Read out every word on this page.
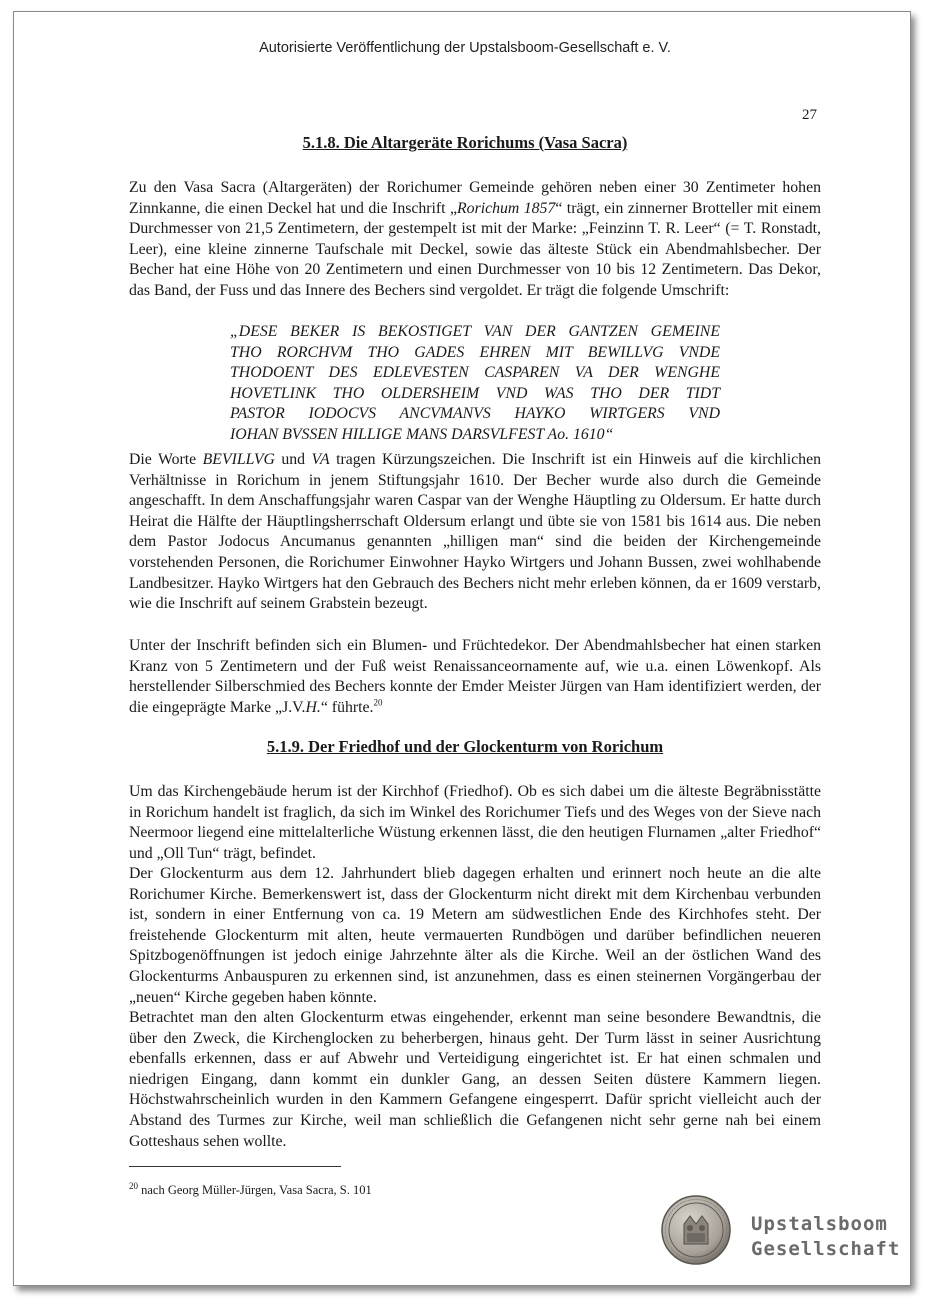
Autorisierte Veröffentlichung der Upstalsboom-Gesellschaft e. V.
27
5.1.8. Die Altargeräte Rorichums (Vasa Sacra)
Zu den Vasa Sacra (Altargeräten) der Rorichumer Gemeinde gehören neben einer 30 Zentimeter hohen Zinnkanne, die einen Deckel hat und die Inschrift „Rorichum 1857“ trägt, ein zinnerner Brotteller mit einem Durchmesser von 21,5 Zentimetern, der gestempelt ist mit der Marke: „Feinzinn T. R. Leer“ (= T. Ronstadt, Leer), eine kleine zinnerne Taufschale mit Deckel, sowie das älteste Stück ein Abendmahlsbecher. Der Becher hat eine Höhe von 20 Zentimetern und einen Durchmesser von 10 bis 12 Zentimetern. Das Dekor, das Band, der Fuss und das Innere des Bechers sind vergoldet. Er trägt die folgende Umschrift:
„DESE BEKER IS BEKOSTIGET VAN DER GANTZEN GEMEINE
THO RORCHVM THO GADES EHREN MIT BEWILLVG VNDE
THODOENT DES EDLEVESTEN CASPAREN VA DER WENGHE
HOVETLINK THO OLDERSHEIM VND WAS THO DER TIDT
PASTOR IODOCVS ANCVMANVS HAYKO WIRTGERS VND
IOHAN BVSSEN HILLIGE MANS DARSVLFEST Ao. 1610“
Die Worte BEVILLVG und VA tragen Kürzungszeichen. Die Inschrift ist ein Hinweis auf die kirchlichen Verhältnisse in Rorichum in jenem Stiftungsjahr 1610. Der Becher wurde also durch die Gemeinde angeschafft. In dem Anschaffungsjahr waren Caspar van der Wenghe Häuptling zu Oldersum. Er hatte durch Heirat die Hälfte der Häuptlingsherrschaft Oldersum erlangt und übte sie von 1581 bis 1614 aus. Die neben dem Pastor Jodocus Ancumanus genannten „hilligen man“ sind die beiden der Kirchengemeinde vorstehenden Personen, die Rorichumer Einwohner Hayko Wirtgers und Johann Bussen, zwei wohlhabende Landbesitzer. Hayko Wirtgers hat den Gebrauch des Bechers nicht mehr erleben können, da er 1609 verstarb, wie die Inschrift auf seinem Grabstein bezeugt.
Unter der Inschrift befinden sich ein Blumen- und Früchtedekor. Der Abendmahlsbecher hat einen starken Kranz von 5 Zentimetern und der Fuß weist Renaissanceornamente auf, wie u.a. einen Löwenkopf. Als herstellender Silberschmied des Bechers konnte der Emder Meister Jürgen van Ham identifiziert werden, der die eingeprägte Marke „J.V.H.“ führte.$^{20}$
5.1.9. Der Friedhof und der Glockenturm von Rorichum
Um das Kirchengebäude herum ist der Kirchhof (Friedhof). Ob es sich dabei um die älteste Begräbnisstätte in Rorichum handelt ist fraglich, da sich im Winkel des Rorichumer Tiefs und des Weges von der Sieve nach Neermoor liegend eine mittelalterliche Wüstung erkennen lässt, die den heutigen Flurnamen „alter Friedhof“ und „Oll Tun“ trägt, befindet.
Der Glockenturm aus dem 12. Jahrhundert blieb dagegen erhalten und erinnert noch heute an die alte Rorichumer Kirche. Bemerkenswert ist, dass der Glockenturm nicht direkt mit dem Kirchenbau verbunden ist, sondern in einer Entfernung von ca. 19 Metern am südwestlichen Ende des Kirchhofes steht. Der freistehende Glockenturm mit alten, heute vermauerten Rundbögen und darüber befindlichen neueren Spitzbogenöffnungen ist jedoch einige Jahrzehnte älter als die Kirche. Weil an der östlichen Wand des Glockenturms Anbauspuren zu erkennen sind, ist anzunehmen, dass es einen steinernen Vorgängerbau der „neuen“ Kirche gegeben haben könnte.
Betrachtet man den alten Glockenturm etwas eingehender, erkennt man seine besondere Bewandtnis, die über den Zweck, die Kirchenglocken zu beherbergen, hinaus geht. Der Turm lässt in seiner Ausrichtung ebenfalls erkennen, dass er auf Abwehr und Verteidigung eingerichtet ist. Er hat einen schmalen und niedrigen Eingang, dann kommt ein dunkler Gang, an dessen Seiten düstere Kammern liegen. Höchstwahrscheinlich wurden in den Kammern Gefangene eingesperrt. Dafür spricht vielleicht auch der Abstand des Turmes zur Kirche, weil man schließlich die Gefangenen nicht sehr gerne nah bei einem Gotteshaus sehen wollte.
$^{20}$ nach Georg Müller-Jürgen, Vasa Sacra, S. 101
Upstalsboom
Gesellschaft
